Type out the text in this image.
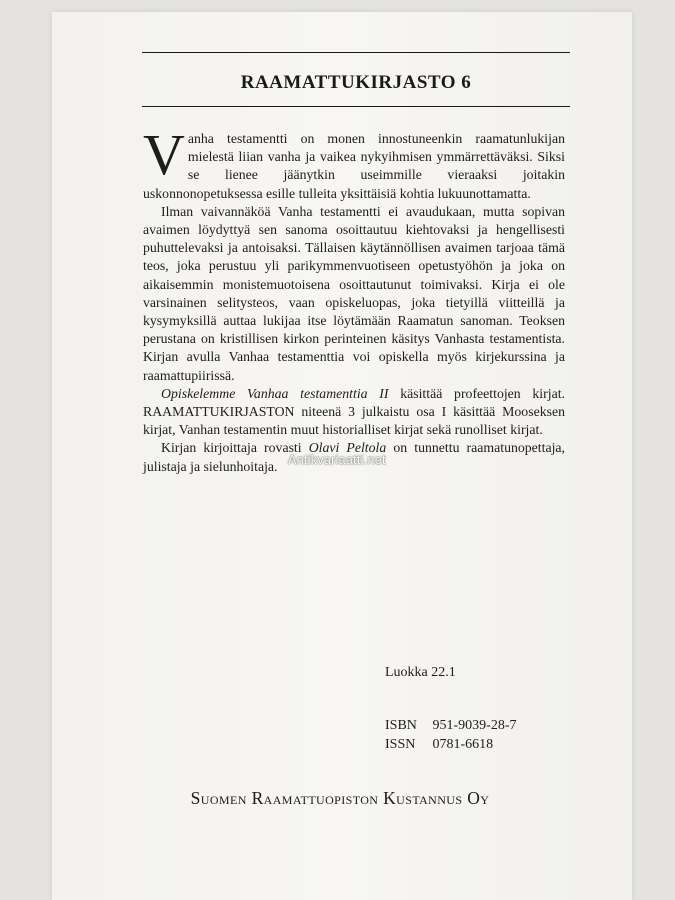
RAAMATTUKIRJASTO 6

Vanha testamentti on monen innostuneenkin raamatunlukijan mielestä liian vanha ja vaikea nykyihmisen ymmärrettäväksi. Siksi se lienee jäänytkin useimmille vieraaksi joitakin uskonnonopetuksessa esille tulleita yksittäisiä kohtia lukuunottamatta.

Ilman vaivannäköä Vanha testamentti ei avaudukaan, mutta sopivan avaimen löydyttyä sen sanoma osoittautuu kiehtovaksi ja hengellisesti puhuttelevaksi ja antoisaksi. Tällaisen käytännöllisen avaimen tarjoaa tämä teos, joka perustuu yli parikymmenvuotiseen opetustyöhön ja joka on aikaisemmin monistemuotoisena osoittautunut toimivaksi. Kirja ei ole varsinainen selitysteos, vaan opiskeluopas, joka tietyillä viitteillä ja kysymyksillä auttaa lukijaa itse löytämään Raamatun sanoman. Teoksen perustana on kristillisen kirkon perinteinen käsitys Vanhasta testamentista. Kirjan avulla Vanhaa testamenttia voi opiskella myös kirjekurssina ja raamattupiirissä.

Opiskelemme Vanhaa testamenttia II käsittää profeettojen kirjat. RAAMATTUKIRJASTON niteenä 3 julkaistu osa I käsittää Mooseksen kirjat, Vanhan testamentin muut historialliset kirjat sekä runolliset kirjat.

Kirjan kirjoittaja rovasti Olavi Peltola on tunnettu raamatunopettaja, julistaja ja sielunhoitaja. Antikvariaatti.net
Luokka 22.1
ISBN 951-9039-28-7
ISSN 0781-6618
Suomen Raamattuopiston Kustannus Oy
